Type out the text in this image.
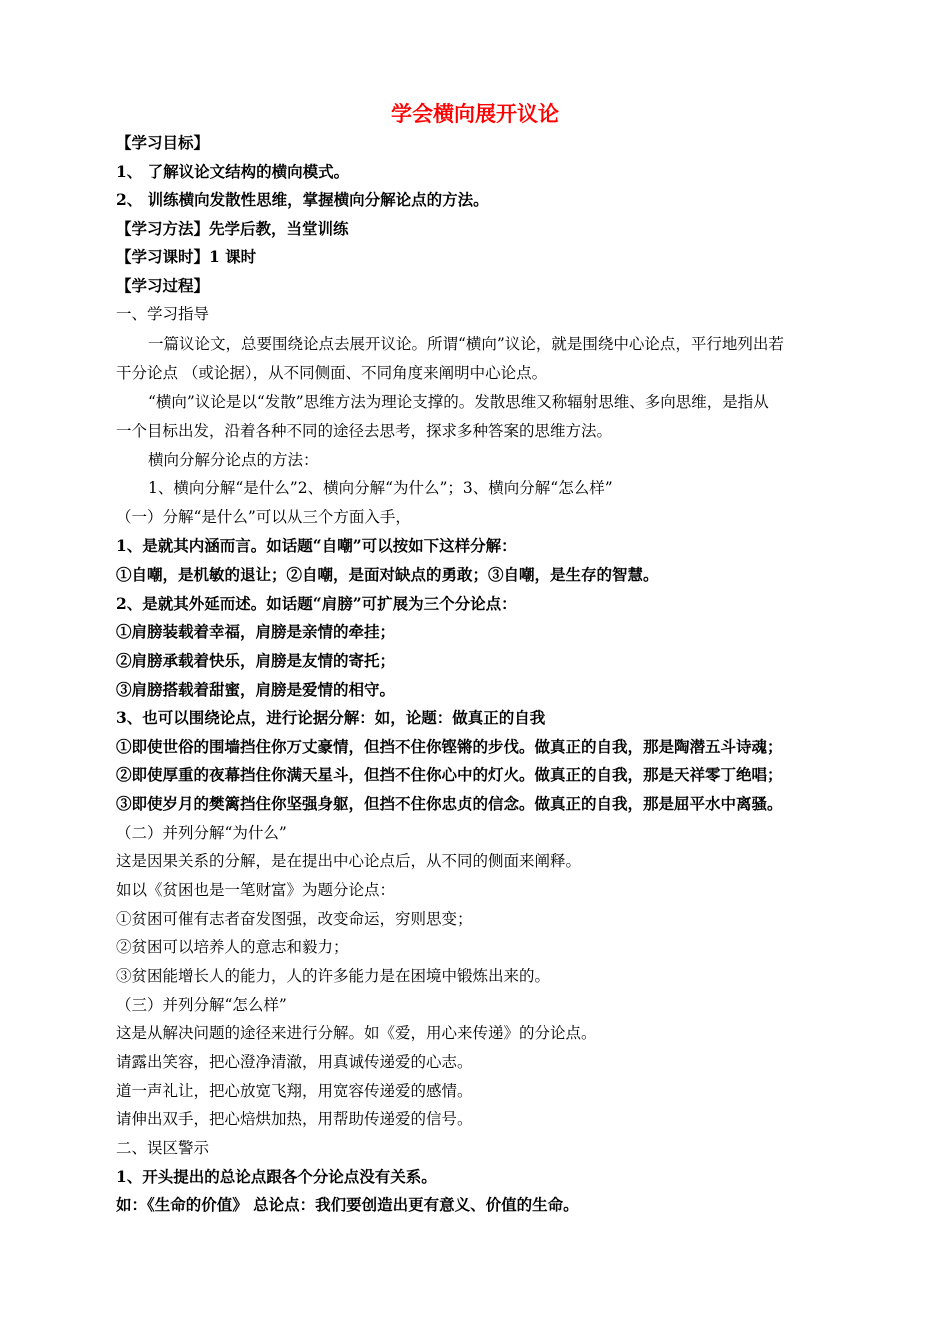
学会横向展开议论
【学习目标】
1、 了解议论文结构的横向模式。
2、 训练横向发散性思维，掌握横向分解论点的方法。
【学习方法】先学后教，当堂训练
【学习课时】1 课时
【学习过程】
一、学习指导
一篇议论文，总要围绕论点去展开议论。所谓“横向”议论，就是围绕中心论点，平行地列出若
干分论点 （或论据），从不同侧面、不同角度来阐明中心论点。
“横向”议论是以“发散”思维方法为理论支撑的。发散思维又称辐射思维、多向思维，是指从
一个目标出发，沿着各种不同的途径去思考，探求多种答案的思维方法。
横向分解分论点的方法：
1、横向分解“是什么”2、横向分解“为什么”；3、横向分解“怎么样”
（一）分解“是什么”可以从三个方面入手，
1、是就其内涵而言。如话题“自嘲”可以按如下这样分解：
①自嘲，是机敏的退让；②自嘲，是面对缺点的勇敢；③自嘲，是生存的智慧。
2、是就其外延而述。如话题“肩膀”可扩展为三个分论点：
①肩膀装载着幸福，肩膀是亲情的牵挂；
②肩膀承载着快乐，肩膀是友情的寄托；
③肩膀搭载着甜蜜，肩膀是爱情的相守。
3、也可以围绕论点，进行论据分解：如，论题：做真正的自我
①即使世俗的围墙挡住你万丈豪情，但挡不住你铿锵的步伐。做真正的自我，那是陶潜五斗诗魂；
②即使厚重的夜幕挡住你满天星斗，但挡不住你心中的灯火。做真正的自我，那是天祥零丁绝唱；
③即使岁月的樊篱挡住你坚强身躯，但挡不住你忠贞的信念。做真正的自我，那是屈平水中离骚。
（二）并列分解“为什么”
这是因果关系的分解，是在提出中心论点后，从不同的侧面来阐释。
如以《贫困也是一笔财富》为题分论点：
①贫困可催有志者奋发图强，改变命运，穷则思变；
②贫困可以培养人的意志和毅力；
③贫困能增长人的能力，人的许多能力是在困境中锻炼出来的。
（三）并列分解“怎么样”
这是从解决问题的途径来进行分解。如《爱，用心来传递》的分论点。
请露出笑容，把心澄净清澈，用真诚传递爱的心志。
道一声礼让，把心放宽飞翔，用宽容传递爱的感情。
请伸出双手，把心焙烘加热，用帮助传递爱的信号。
二、误区警示
1、开头提出的总论点跟各个分论点没有关系。
如：《生命的价值》 总论点：我们要创造出更有意义、价值的生命。
